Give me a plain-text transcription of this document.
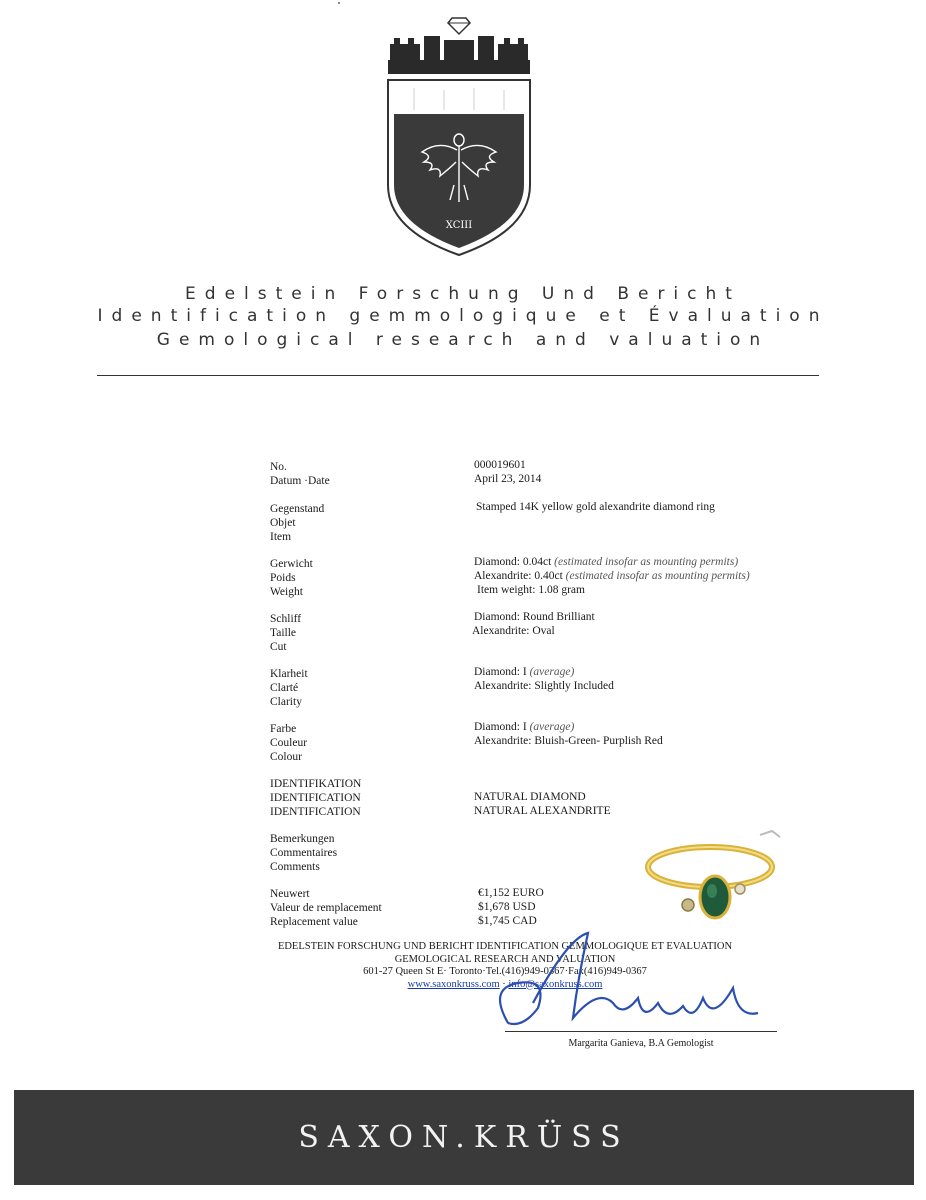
XCIII
Edelstein Forschung Und Bericht
Identification gemmologique et Évaluation
Gemological research and valuation
No.
Datum ·Date
000019601
April 23, 2014
Gegenstand
Objet
Item
Stamped 14K yellow gold alexandrite diamond ring
Gerwicht
Poids
Weight
Diamond: 0.04ct (estimated insofar as mounting permits)
Alexandrite: 0.40ct (estimated insofar as mounting permits)
Item weight: 1.08 gram
Schliff
Taille
Cut
Diamond: Round Brilliant
Alexandrite: Oval
Klarheit
Clarté
Clarity
Diamond: I (average)
Alexandrite: Slightly Included
Farbe
Couleur
Colour
Diamond: I (average)
Alexandrite: Bluish-Green- Purplish Red
IDENTIFIKATION
IDENTIFICATION
IDENTIFICATION
NATURAL DIAMOND
NATURAL ALEXANDRITE
Bemerkungen
Commentaires
Comments
Neuwert
Valeur de remplacement
Replacement value
€1,152 EURO
$1,678 USD
$1,745 CAD
EDELSTEIN FORSCHUNG UND BERICHT IDENTIFICATION GEMMOLOGIQUE ET EVALUATION
GEMOLOGICAL RESEARCH AND VALUATION
601-27 Queen St E· Toronto·Tel.(416)949-0367·Fax(416)949-0367
www.saxonkruss.com · info@saxonkruss.com
Margarita Ganieva, B.A Gemologist
SAXON.KRÜSS
